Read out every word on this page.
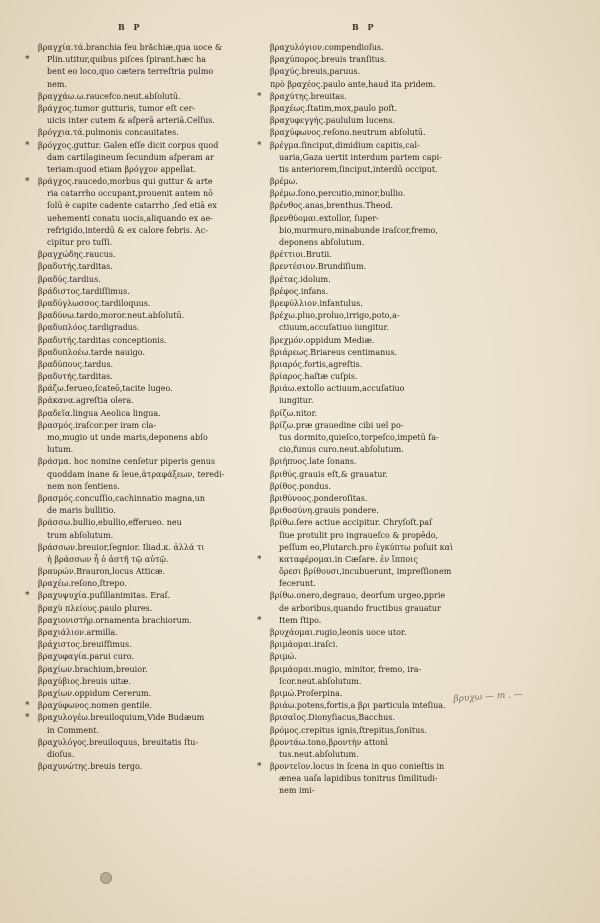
B P	B P
βραγχία.τά.branchia feu brăchiæ,qua uoce &
* Plin.utitur,quibus piſces ſpirant.hæc ha
bent eo loco,quo cætera terreſtria pulmo
nem.
βραγχάω.ω.raucefco.neut.abſolutū.
βράγχος.tumor gutturis, tumor eſt cer-
uicis inter cutem & aſperā arteriā.Celſus.
βρόγχια.τά.pulmonis concauitates.
* βρόγχος.guttur. Galen eſſe dicit corpus quod
dam cartilagineum ſecundum aſperam ar
teriam:quod etiam βρόγχον appellat.
* βράγχος.raucedo,morbus qui guttur & arte
ria catarrho occupant,prouenit autem nō
ſolū è capite cadente catarrho ,ſed etiā ex
uehementi conatu uocis,aliquando ex ae-
refrigido,interdū & ex calore febris. Ac-
cipitur pro tuſſi.
βραγχώδης.raucus.
βραδυτής.tarditas.
βραδύς.tardius.
βράδιστος.tardiſſimus.
βραδύγλωσσος.tardiloquus.
βραδύνω.tardo,moror.neut.abſolutū.
βραδυπλόος.tardigradus.
βραδυτής.tarditas conceptionis.
βραδυπλοέω.tarde nauigo.
βραδύπους.tardus.
βραδυτής.tarditas.
βράζω.ferueo,ſcateō,tacite lugeo.
βράκανα.agreſtia olera.
βραδεῖα.lingua Aeolica lingua.
βρασμός.iraſcor.per iram cla-
mo,mugio ut unde maris,deponens abſo
lutum.
βράσμα. hoc nomine cenſetur piperis genus
quoddam inane & leue,ἀτραφάξεων, teredi-
nem non ſentiens.
βρασμός.concuſſio,cachinnatio magna,un
de maris bullitio.
βράσσω.bullio,ebullio,efferueo. neu
trum abſolutum.
βράσσων.breuior,ſegnior. Iliad.κ. ἀλλά τι
ἡ βράσσων ἦ ὁ ἀστῆ τῷ αὐτῷ.
βραυρών.Brauron,locus Atticæ.
βραχέω.reſono,ſtrepo.
* βραχυψυχία.puſillanimitas. Eraſ.
βραχὺ πλείους.paulo plures.
βραχιονιστήρ.ornamenta brachiorum.
βραχιάλιον.armilla.
βράχιστος.breuiſſimus.
βραχυφαγία.parui curo.
βραχίων.brachium,breuior.
βραχύβιος.breuis uitæ.
βραχίων.oppidum Cererum.
* βραχύφωνος.nomen gentile.
* βραχυλογέω.breuiloquium,Vide Budæum
in Comment.
βραχυλόγος.breuiloquus, breuitatis ſtu-
dioſus.
βραχυνώτης.breuis tergo.
βραχυλόγιον.compendioſus.
βραχύπορος.breuis tranſitus.
βραχύς.breuis,paruus.
πρὸ βραχέος.paulo ante,haud ita pridem.
* βραχύτης.breuitas.
βραχέως.ſtatim,mox,paulo poſt.
βραχυφεγγής.paululum lucens.
βραχύφωνος.reſono.neutrum abſolutū.
* βρέγμα.ſinciput,dimidium capitis,cal-
uaria,Gaza uertit interdum partem capi-
tis anteriorem,ſinciput,interdū occiput.
βρέμω.
βρέμω.ſono,percutio,minor,bullio.
βρένθος.anas,brenthus.Theod.
βρενθύομαι.extollor, ſuper-
bio,murmuro,minabunde iraſcor,fremo,
deponens abſolutum.
βρέττιοι.Brutii.
βρεντέσιον.Brundiſium.
βρέτας.idolum.
βρέφος.infans.
βρεφύλλιον.infantulus.
βρέχω.pluo,proluo,irrigo,poto,a-
ctiuum,accuſatiuo iungitur.
βρεχμόν.oppidum Mediæ.
βριάρεως.Briareus centimanus.
βριαρός.fortis,agreſtis.
βρίαρος.haſtæ cuſpis.
βριάω.extollo actiuum,accuſatiuo
iungitur.
βρίζω.nitor.
βρίζω.præ grauedine cibi uel po-
tus dormito,quieſco,torpeſco,impetū fa-
cio,funus curo.neut.abſolutum.
βριήπυος.late ſonans.
βριθύς.grauis eſt,& grauatur.
βρίθος.pondus.
βριθύνοος.ponderoſitas.
βριθοσύνη.grauis pondere.
βρίθω.ſere actiue accipitur. Chryſoſt.paſ
ſiue protulit pro ingraueſco & propēdo,
peſſum eo,Plutarch.pro ἐγκύπτω poſuit καὶ
* καταφέρομαι.in Cæſare. ἐν ἵπποις
ὄρεσι βρίθουσι,incubuerunt, impreſſionem
fecerunt.
βρίθω.onero,degrauo, deorſum urgeo,pprie
de arboribus,quando fructibus grauatur
* Item ſtipo.
βρυχάομαι.rugio,leonis uoce utor.
βριμάομαι.iraſci.
βριμώ.
βριμάομαι.mugio, minitor, fremo, ira-
ſcor.neut.abſolutum.
βριμώ.Proſerpina.
βριάω.potens,fortis,a βρι particula inteſiua.
βρισαῖος.Dionyſiacus,Bacchus.
βρόμος.crepitus ignis,ſtrepitus,ſonitus.
βροντάω.tono,βροντὴν attonī
tus.neut.abſolutum.
* βροντεῖον.locus in ſcena in quo conieſtis in
ænea uaſa lapidibus tonitrus ſimilitudi-
nem imi-
βρυχω — m . —
